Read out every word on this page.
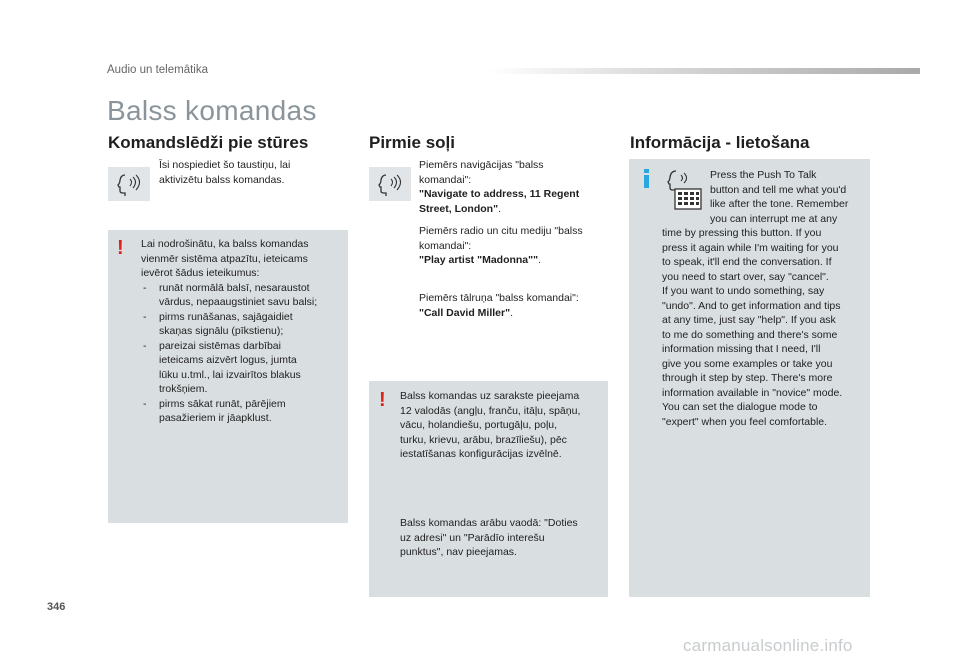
Audio un telemātika
Balss komandas
Komandslēdži pie stūres
Īsi nospiediet šo taustiņu, lai
aktivizētu balss komandas.
! Lai nodrošinātu, ka balss komandas
vienmēr sistēma atpazītu, ieteicams
ievērot šādus ieteikumus:
- runāt normālā balsī, nesaraustot
vārdus, nepaaugstiniet savu balsi;
- pirms runāšanas, sajāgaidiet
skaņas signālu (pīkstienu);
- pareizai sistēmas darbībai
ieteicams aizvērt logus, jumta
lūku u.tml., lai izvairītos blakus
trokšņiem.
- pirms sākat runāt, pārējiem
pasažieriem ir jāapklust.
Pirmie soļi
Piemērs navigācijas "balss
komandai":
"Navigate to address, 11 Regent
Street, London".
Piemērs radio un citu mediju "balss
komandai":
"Play artist "Madonna"".
Piemērs tālruņa "balss komandai":
"Call David Miller".
! Balss komandas uz sarakste pieejama
12 valodās (angļu, franču, itāļu, spāņu,
vācu, holandiešu, portugāļu, poļu,
turku, krievu, arābu, brazīliešu), pēc
iestatīšanas konfigurācijas izvēlnē.
Balss komandas arābu vaodā: "Doties
uz adresi" un "Parādīo interešu
punktus", nav pieejamas.
Informācija - lietošana
Press the Push To Talk
button and tell me what you'd
like after the tone. Remember
you can interrupt me at any
time by pressing this button. If you
press it again while I'm waiting for you
to speak, it'll end the conversation. If
you need to start over, say "cancel".
If you want to undo something, say
"undo". And to get information and tips
at any time, just say "help". If you ask
to me do something and there's some
information missing that I need, I'll
give you some examples or take you
through it step by step. There's more
information available in "novice" mode.
You can set the dialogue mode to
"expert" when you feel comfortable.
346
carmanualsonline.info
